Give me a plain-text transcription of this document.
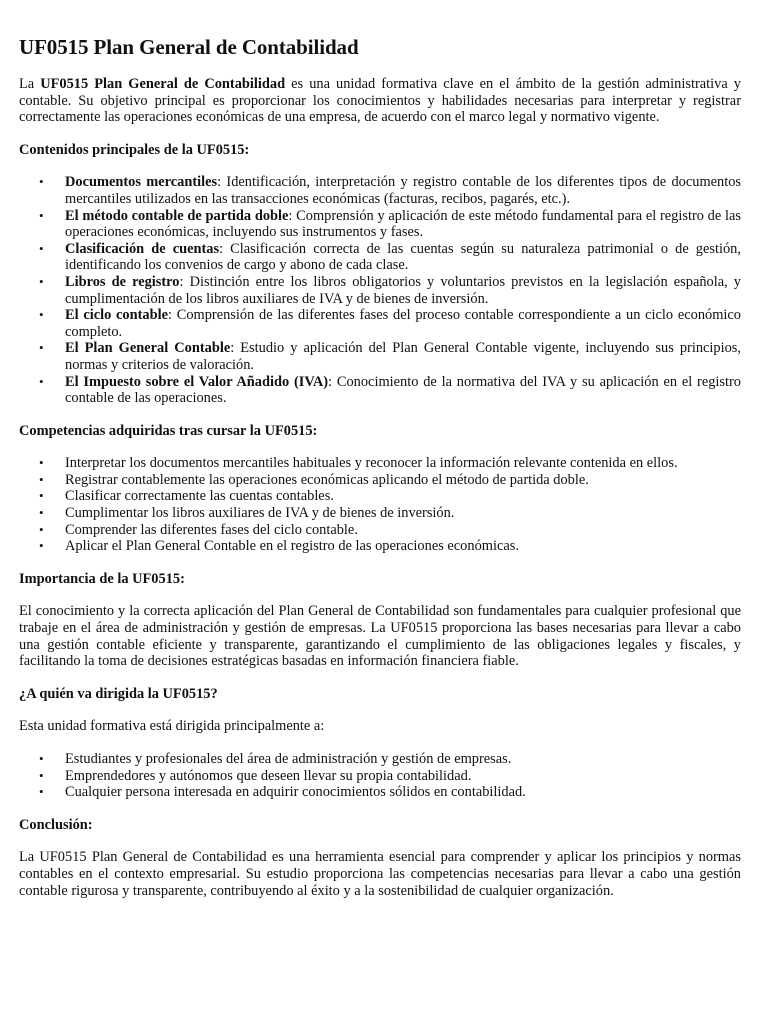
UF0515 Plan General de Contabilidad

La UF0515 Plan General de Contabilidad es una unidad formativa clave en el ámbito de la gestión administrativa y contable. Su objetivo principal es proporcionar los conocimientos y habilidades necesarias para interpretar y registrar correctamente las operaciones económicas de una empresa, de acuerdo con el marco legal y normativo vigente.

Contenidos principales de la UF0515:
• Documentos mercantiles: Identificación, interpretación y registro contable de los diferentes tipos de documentos mercantiles utilizados en las transacciones económicas (facturas, recibos, pagarés, etc.).
• El método contable de partida doble: Comprensión y aplicación de este método fundamental para el registro de las operaciones económicas, incluyendo sus instrumentos y fases.
• Clasificación de cuentas: Clasificación correcta de las cuentas según su naturaleza patrimonial o de gestión, identificando los convenios de cargo y abono de cada clase.
• Libros de registro: Distinción entre los libros obligatorios y voluntarios previstos en la legislación española, y cumplimentación de los libros auxiliares de IVA y de bienes de inversión.
• El ciclo contable: Comprensión de las diferentes fases del proceso contable correspondiente a un ciclo económico completo.
• El Plan General Contable: Estudio y aplicación del Plan General Contable vigente, incluyendo sus principios, normas y criterios de valoración.
• El Impuesto sobre el Valor Añadido (IVA): Conocimiento de la normativa del IVA y su aplicación en el registro contable de las operaciones.
Competencias adquiridas tras cursar la UF0515:
• Interpretar los documentos mercantiles habituales y reconocer la información relevante contenida en ellos.
• Registrar contablemente las operaciones económicas aplicando el método de partida doble.
• Clasificar correctamente las cuentas contables.
• Cumplimentar los libros auxiliares de IVA y de bienes de inversión.
• Comprender las diferentes fases del ciclo contable.
• Aplicar el Plan General Contable en el registro de las operaciones económicas.
Importancia de la UF0515:

El conocimiento y la correcta aplicación del Plan General de Contabilidad son fundamentales para cualquier profesional que trabaje en el área de administración y gestión de empresas. La UF0515 proporciona las bases necesarias para llevar a cabo una gestión contable eficiente y transparente, garantizando el cumplimiento de las obligaciones legales y fiscales, y facilitando la toma de decisiones estratégicas basadas en información financiera fiable.

¿A quién va dirigida la UF0515?

Esta unidad formativa está dirigida principalmente a:

• Estudiantes y profesionales del área de administración y gestión de empresas.
• Emprendedores y autónomos que deseen llevar su propia contabilidad.
• Cualquier persona interesada en adquirir conocimientos sólidos en contabilidad.
Conclusión:

La UF0515 Plan General de Contabilidad es una herramienta esencial para comprender y aplicar los principios y normas contables en el contexto empresarial. Su estudio proporciona las competencias necesarias para llevar a cabo una gestión contable rigurosa y transparente, contribuyendo al éxito y a la sostenibilidad de cualquier organización.
